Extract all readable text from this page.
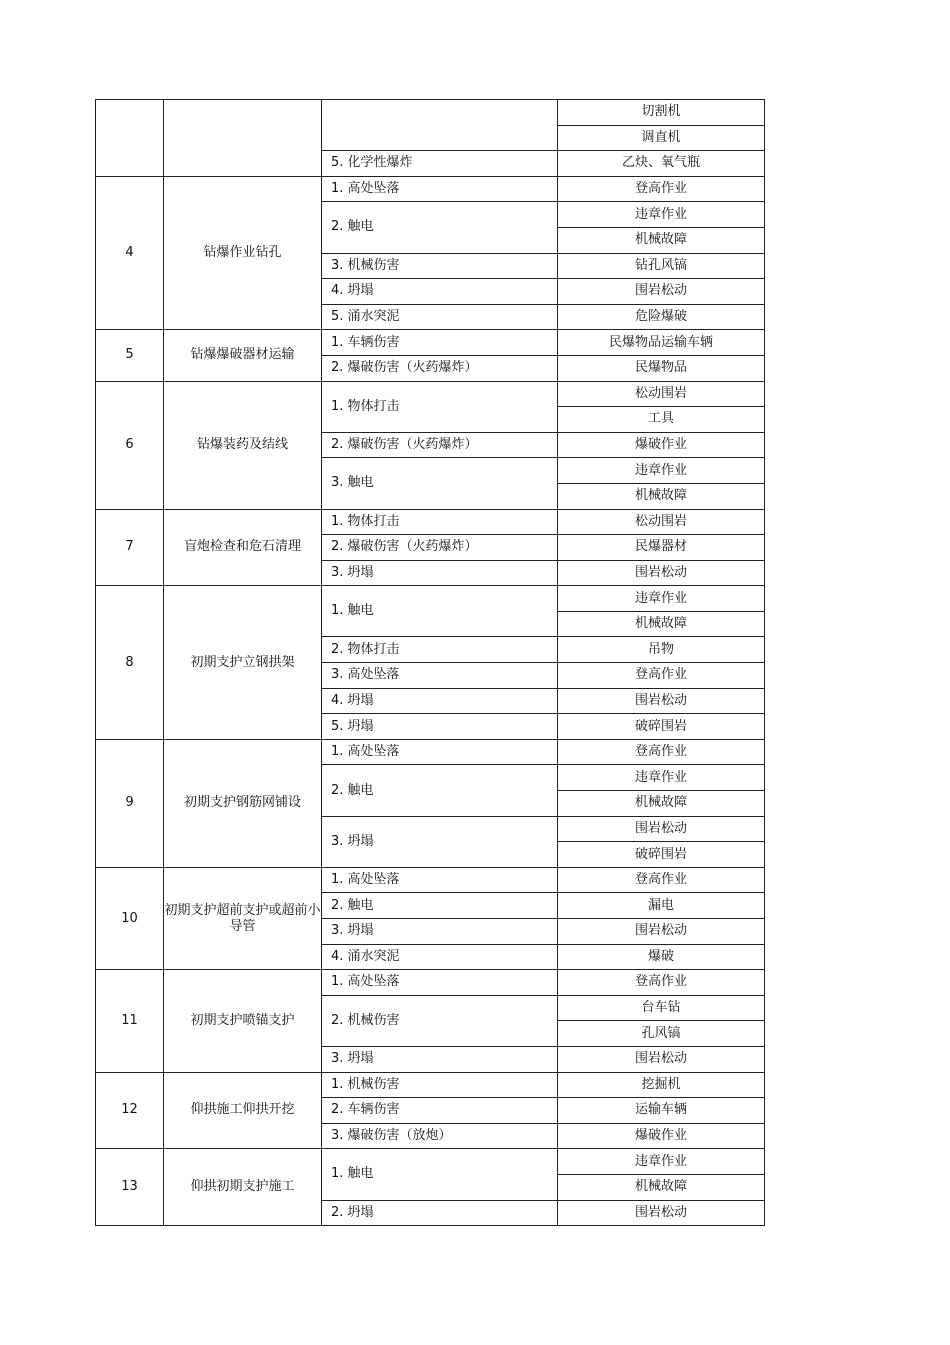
			切割机
			调直机
		5. 化学性爆炸	乙炔、氧气瓶
4	钻爆作业钻孔	1. 高处坠落	登高作业
		2. 触电	违章作业
			机械故障
		3. 机械伤害	钻孔风镐
		4. 坍塌	围岩松动
		5. 涌水突泥	危险爆破
5	钻爆爆破器材运输	1. 车辆伤害	民爆物品运输车辆
		2. 爆破伤害（火药爆炸）	民爆物品
6	钻爆装药及结线	1. 物体打击	松动围岩
			工具
		2. 爆破伤害（火药爆炸）	爆破作业
		3. 触电	违章作业
			机械故障
7	盲炮检查和危石清理	1. 物体打击	松动围岩
		2. 爆破伤害（火药爆炸）	民爆器材
		3. 坍塌	围岩松动
8	初期支护立钢拱架	1. 触电	违章作业
			机械故障
		2. 物体打击	吊物
		3. 高处坠落	登高作业
		4. 坍塌	围岩松动
		5. 坍塌	破碎围岩
9	初期支护钢筋网铺设	1. 高处坠落	登高作业
		2. 触电	违章作业
			机械故障
		3. 坍塌	围岩松动
			破碎围岩
10	初期支护超前支护或超前小导管	1. 高处坠落	登高作业
		2. 触电	漏电
		3. 坍塌	围岩松动
		4. 涌水突泥	爆破
11	初期支护喷锚支护	1. 高处坠落	登高作业
		2. 机械伤害	台车钻
			孔风镐
		3. 坍塌	围岩松动
12	仰拱施工仰拱开挖	1. 机械伤害	挖掘机
		2. 车辆伤害	运输车辆
		3. 爆破伤害（放炮）	爆破作业
13	仰拱初期支护施工	1. 触电	违章作业
			机械故障
		2. 坍塌	围岩松动
